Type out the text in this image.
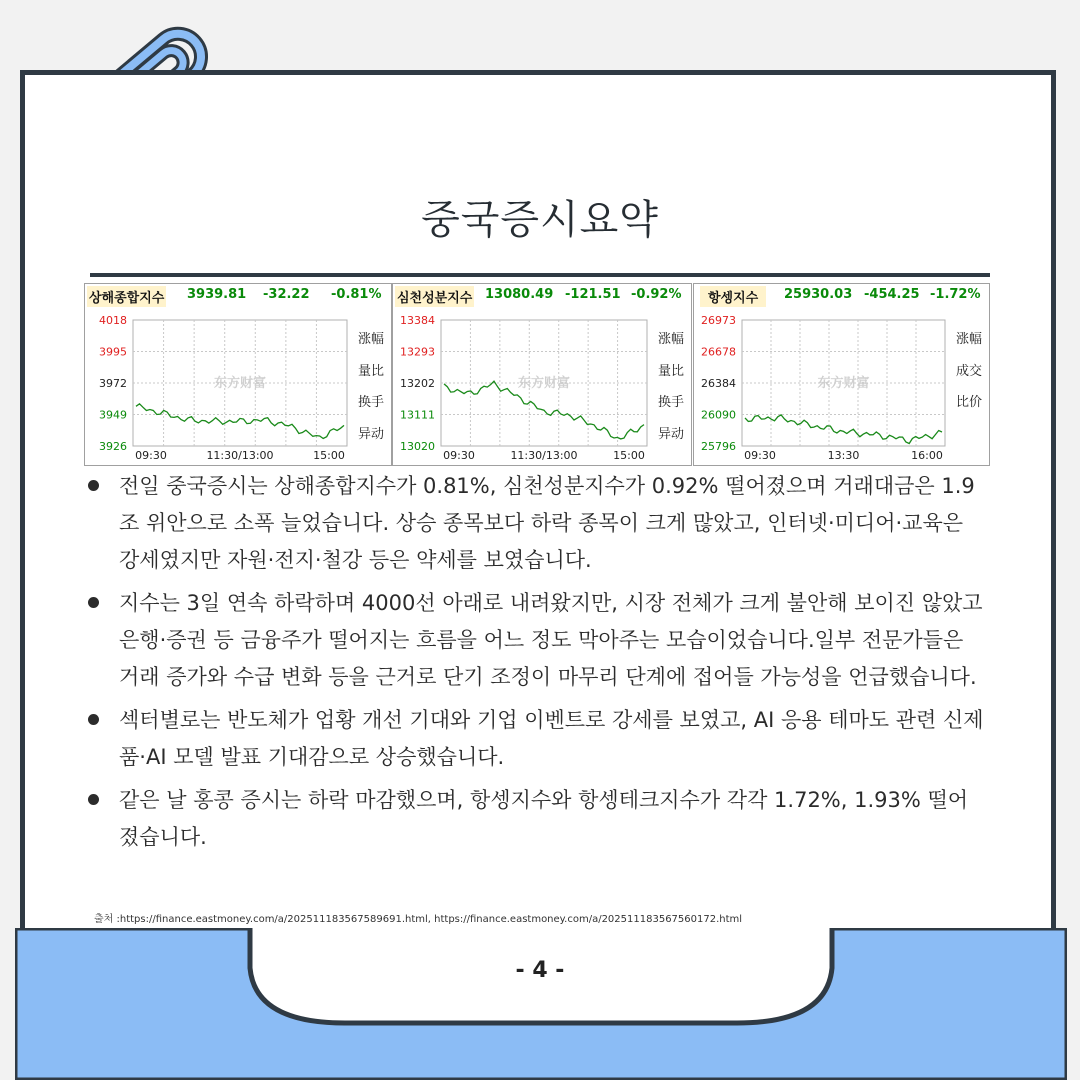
중국증시요약
상해종합지수 3939.81 -32.22 -0.81%
4018
3995
3972
3949
3926
东方财富
09:30	11:30/13:00	15:00
涨幅
量比
换手
异动
심천성분지수 13080.49 -121.51 -0.92%
13384
13293
13202
13111
13020
东方财富
09:30	11:30/13:00	15:00
涨幅
量比
换手
异动
항셍지수	25930.03 -454.25 -1.72%
26973
26678
26384
26090
25796
东方财富
09:30	13:30	16:00
涨幅
成交
比价
전일 중국증시는 상해종합지수가 0.81%, 심천성분지수가 0.92% 떨어졌으며 거래대금은 1.9조 위안으로 소폭 늘었습니다. 상승 종목보다 하락 종목이 크게 많았고, 인터넷·미디어·교육은 강세였지만 자원·전지·철강 등은 약세를 보였습니다.
지수는 3일 연속 하락하며 4000선 아래로 내려왔지만, 시장 전체가 크게 불안해 보이진 않았고 은행·증권 등 금융주가 떨어지는 흐름을 어느 정도 막아주는 모습이었습니다.일부 전문가들은 거래 증가와 수급 변화 등을 근거로 단기 조정이 마무리 단계에 접어들 가능성을 언급했습니다.
섹터별로는 반도체가 업황 개선 기대와 기업 이벤트로 강세를 보였고, AI 응용 테마도 관련 신제품·AI 모델 발표 기대감으로 상승했습니다.
같은 날 홍콩 증시는 하락 마감했으며, 항셍지수와 항셍테크지수가 각각 1.72%, 1.93% 떨어졌습니다.
출처 :https://finance.eastmoney.com/a/202511183567589691.html, https://finance.eastmoney.com/a/202511183567560172.html
- 4 -
